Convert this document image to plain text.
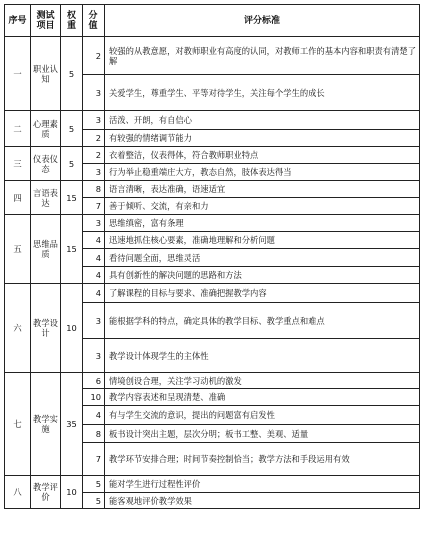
序号	测试项目	权重	分值	评分标准
一	职业认知	5	2	较强的从教意愿，对教师职业有高度的认同，对教师工作的基本内容和职责有清楚了解
			3	关爱学生，尊重学生、平等对待学生，关注每个学生的成长
二	心理素质	5	3	活泼、开朗，有自信心
			2	有较强的情绪调节能力
三	仪表仪态	5	2	衣着整洁，仪表得体，符合教师职业特点
			3	行为举止稳重端庄大方，教态自然，肢体表达得当
四	言语表达	15	8	语言清晰，表达准确，语速适宜
			7	善于倾听、交流，有亲和力
五	思维品质	15	3	思维缜密，富有条理
			4	迅速地抓住核心要素，准确地理解和分析问题
			4	看待问题全面，思维灵活
			4	具有创新性的解决问题的思路和方法
六	教学设计	10	4	了解课程的目标与要求、准确把握教学内容
			3	能根据学科的特点，确定具体的教学目标、教学重点和难点
			3	教学设计体现学生的主体性
七	教学实施	35	6	情境创设合理，关注学习动机的激发
			10	教学内容表述和呈现清楚、准确
			4	有与学生交流的意识，提出的问题富有启发性
			8	板书设计突出主题，层次分明；板书工整、美观、适量
			7	教学环节安排合理；时间节奏控制恰当；教学方法和手段运用有效
八	教学评价	10	5	能对学生进行过程性评价
			5	能客观地评价教学效果
